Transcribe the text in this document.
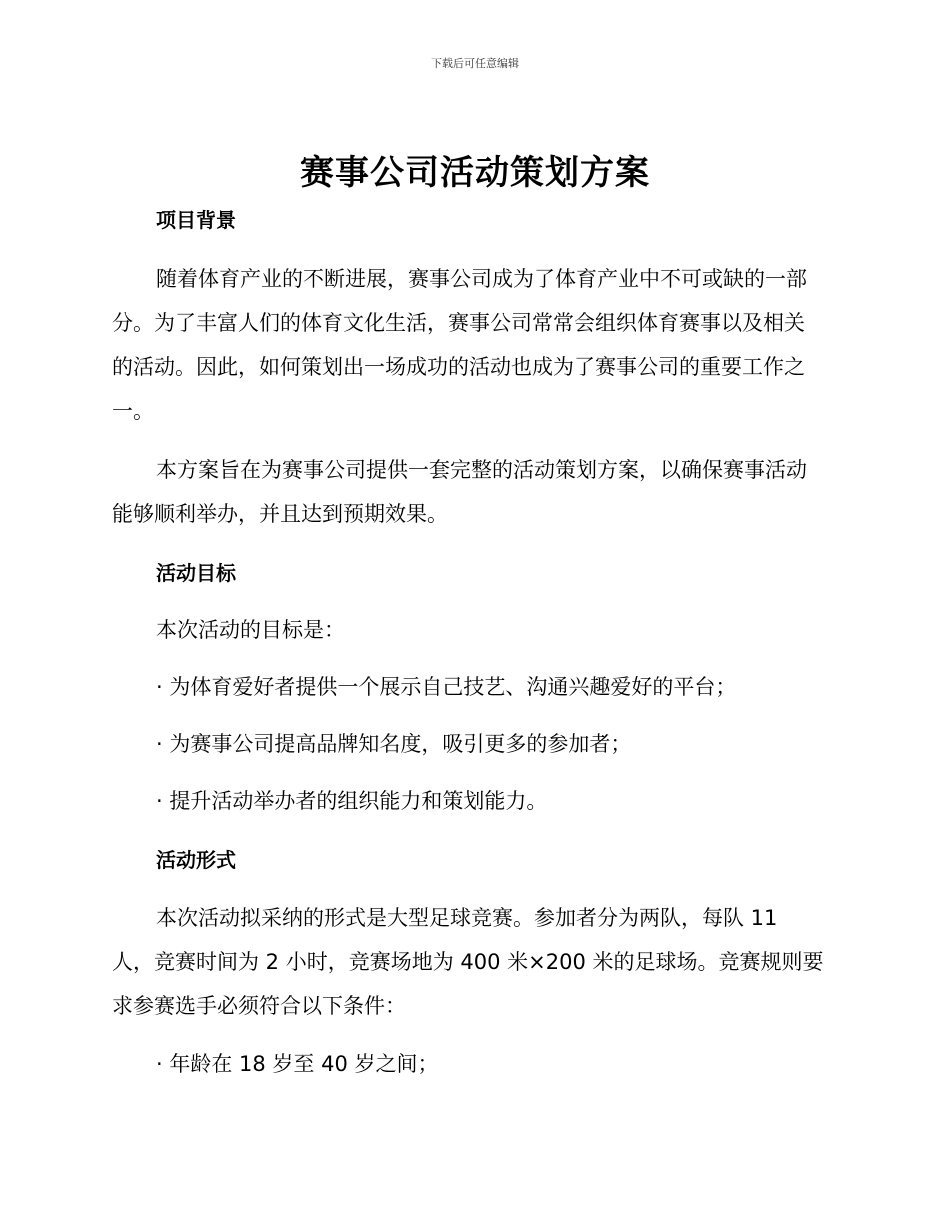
下载后可任意编辑
赛事公司活动策划方案
项目背景
随着体育产业的不断进展，赛事公司成为了体育产业中不可或缺的一部
分。为了丰富人们的体育文化生活，赛事公司常常会组织体育赛事以及相关
的活动。因此，如何策划出一场成功的活动也成为了赛事公司的重要工作之
一。
本方案旨在为赛事公司提供一套完整的活动策划方案，以确保赛事活动
能够顺利举办，并且达到预期效果。
活动目标
本次活动的目标是：
· 为体育爱好者提供一个展示自己技艺、沟通兴趣爱好的平台；
· 为赛事公司提高品牌知名度，吸引更多的参加者；
· 提升活动举办者的组织能力和策划能力。
活动形式
本次活动拟采纳的形式是大型足球竞赛。参加者分为两队，每队 11
人，竞赛时间为 2 小时，竞赛场地为 400 米×200 米的足球场。竞赛规则要
求参赛选手必须符合以下条件：
· 年龄在 18 岁至 40 岁之间；
